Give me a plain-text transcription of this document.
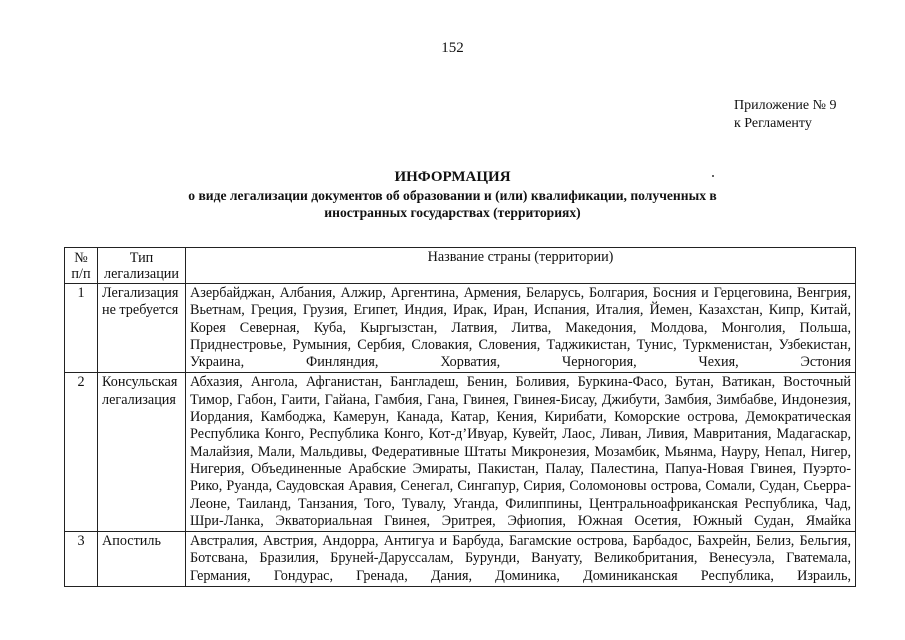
152
Приложение № 9
к Регламенту
ИНФОРМАЦИЯ
о виде легализации документов об образовании и (или) квалификации, полученных в
иностранных государствах (территориях)
№ п/п	Тип легализации	Название страны (территории)
1	Легализация не требуется	Азербайджан, Албания, Алжир, Аргентина, Армения, Беларусь, Болгария, Босния и Герцеговина, Венгрия, Вьетнам, Греция, Грузия, Египет, Индия, Ирак, Иран, Испания, Италия, Йемен, Казахстан, Кипр, Китай, Корея Северная, Куба, Кыргызстан, Латвия, Литва, Македония, Молдова, Монголия, Польша, Приднестровье, Румыния, Сербия, Словакия, Словения, Таджикистан, Тунис, Туркменистан, Узбекистан, Украина, Финляндия, Хорватия, Черногория, Чехия, Эстония
2	Консульская легализация	Абхазия, Ангола, Афганистан, Бангладеш, Бенин, Боливия, Буркина-Фасо, Бутан, Ватикан, Восточный Тимор, Габон, Гаити, Гайана, Гамбия, Гана, Гвинея, Гвинея-Бисау, Джибути, Замбия, Зимбабве, Индонезия, Иордания, Камбоджа, Камерун, Канада, Катар, Кения, Кирибати, Коморские острова, Демократическая Республика Конго, Республика Конго, Кот-д’Ивуар, Кувейт, Лаос, Ливан, Ливия, Мавритания, Мадагаскар, Малайзия, Мали, Мальдивы, Федеративные Штаты Микронезия, Мозамбик, Мьянма, Науру, Непал, Нигер, Нигерия, Объединенные Арабские Эмираты, Пакистан, Палау, Палестина, Папуа-Новая Гвинея, Пуэрто-Рико, Руанда, Саудовская Аравия, Сенегал, Сингапур, Сирия, Соломоновы острова, Сомали, Судан, Сьерра-Леоне, Таиланд, Танзания, Того, Тувалу, Уганда, Филиппины, Центральноафриканская Республика, Чад, Шри-Ланка, Экваториальная Гвинея, Эритрея, Эфиопия, Южная Осетия, Южный Судан, Ямайка
3	Апостиль	Австралия, Австрия, Андорра, Антигуа и Барбуда, Багамские острова, Барбадос, Бахрейн, Белиз, Бельгия, Ботсвана, Бразилия, Бруней-Даруссалам, Бурунди, Вануату, Великобритания, Венесуэла, Гватемала, Германия, Гондурас, Гренада, Дания, Доминика, Доминиканская Республика, Израиль,
